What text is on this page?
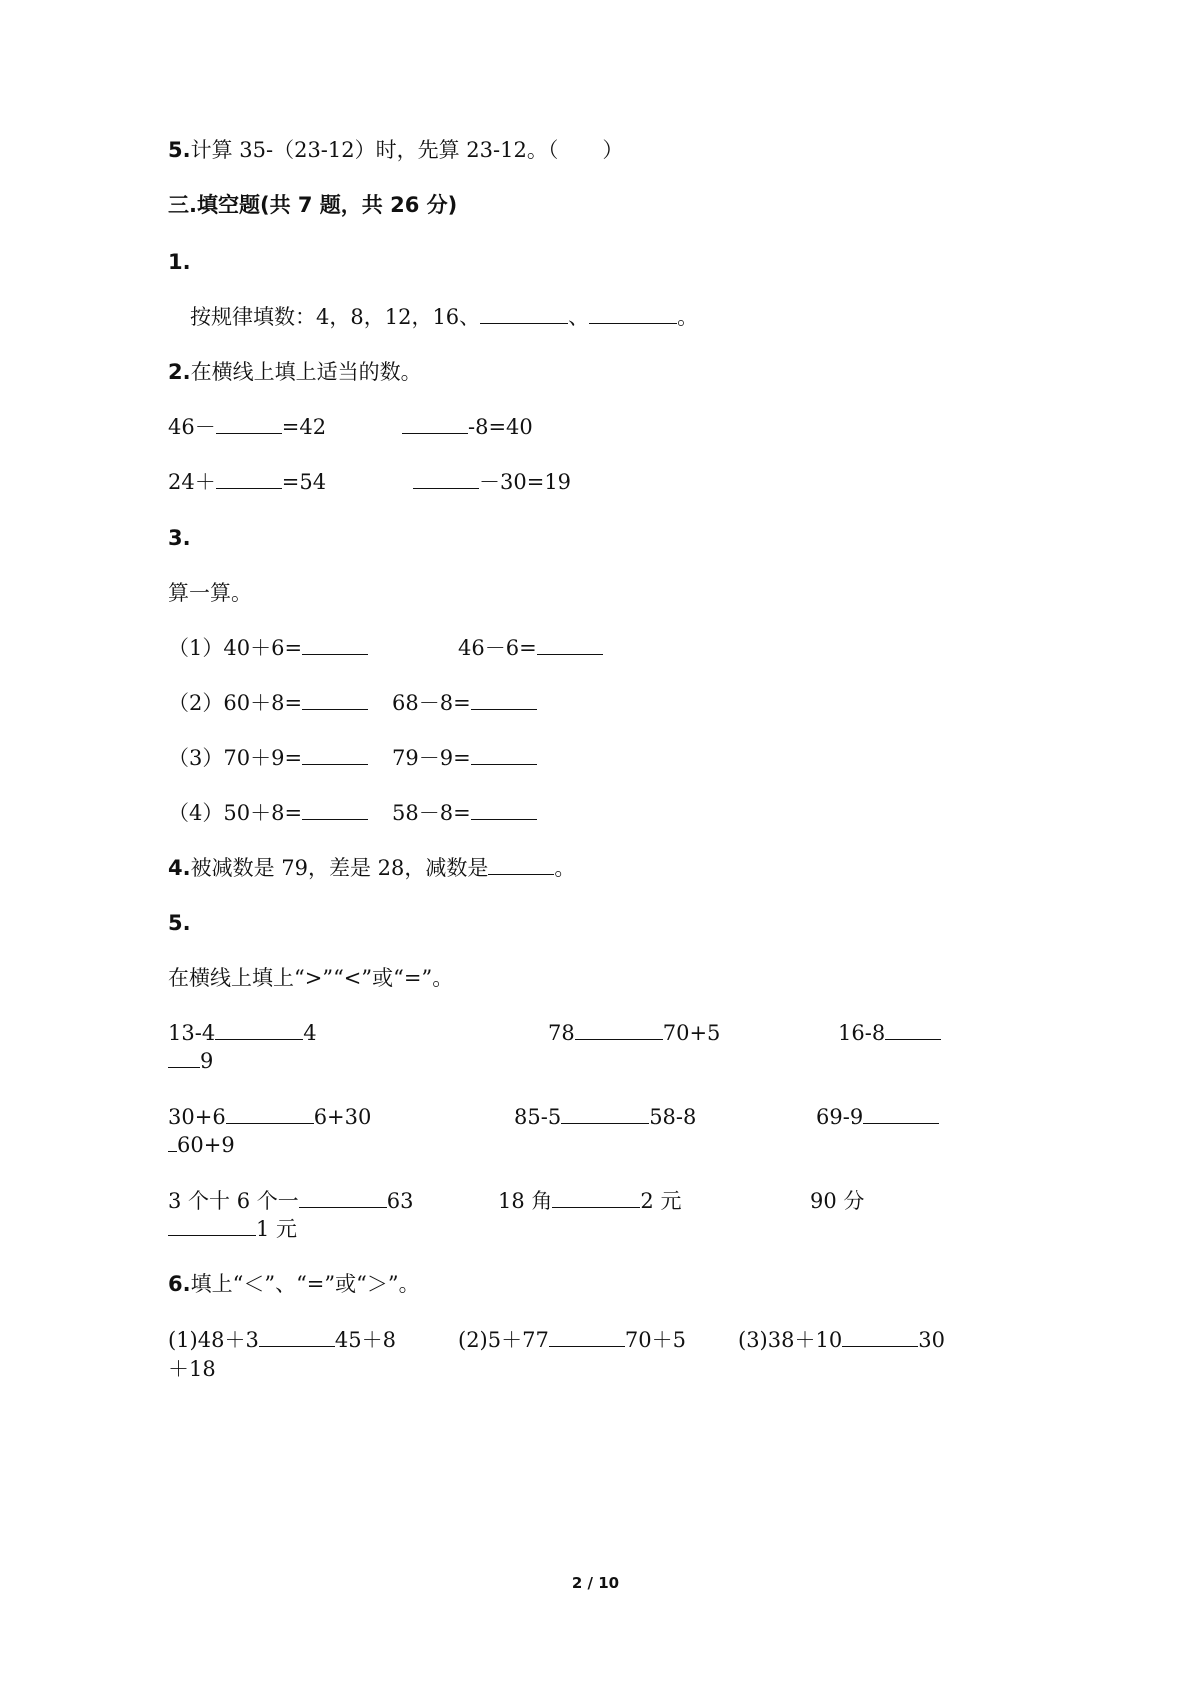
5.计算 35-（23-12）时，先算 23-12。（ ）
三.填空题(共 7 题，共 26 分)
1.
按规律填数：4，8，12，16、	、	。
2.在横线上填上适当的数。
46－	=42	-8=40
24＋	=54	－30=19
3.
算一算。
（1）40＋6=	46－6=
（2）60＋8=	68－8=
（3）70＋9=	79－9=
（4）50＋8=	58－8=
4.被减数是 79，差是 28，减数是	。
5.
在横线上填上“>”“<”或“=”。
13-4	4	78	70+5	16-8
9
30+6	6+30	85-5	58-8	69-9
60+9
3 个十 6 个一	63	18 角	2 元	90 分
1 元
6.填上“＜”、“=”或“＞”。
(1)48＋3	45＋8	(2)5＋77	70＋5 (3)38＋10	30
＋18
2 / 10
